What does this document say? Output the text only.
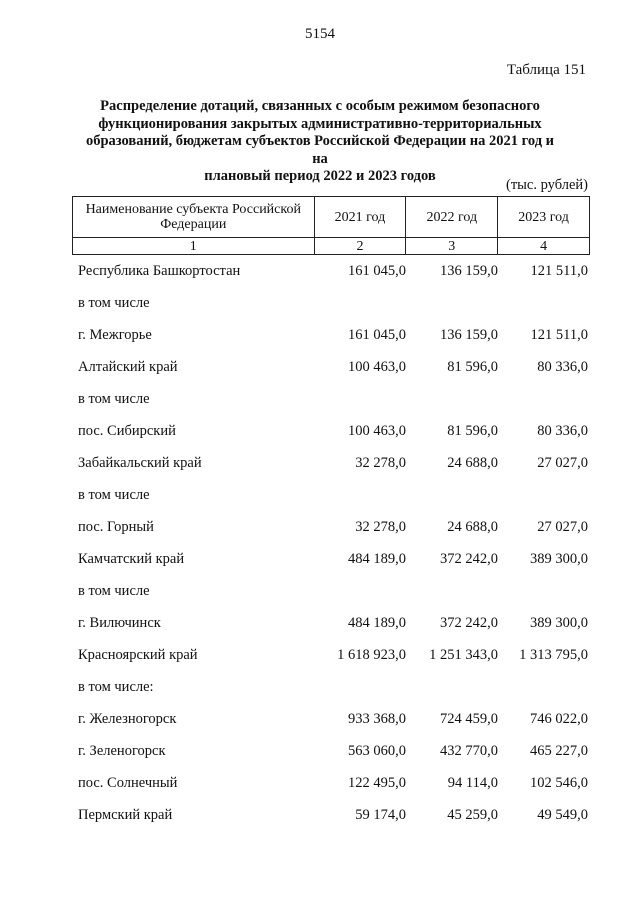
5154
Таблица 151
Распределение дотаций, связанных с особым режимом безопасного
функционирования закрытых административно-территориальных
образований, бюджетам субъектов Российской Федерации на 2021 год и на
плановый период 2022 и 2023 годов
(тыс. рублей)
Наименование субъекта Российской Федерации	2021 год	2022 год	2023 год
1	2	3	4
Республика Башкортостан	161 045,0	136 159,0	121 511,0
в том числе
г. Межгорье	161 045,0	136 159,0	121 511,0
Алтайский край	100 463,0	81 596,0	80 336,0
в том числе
пос. Сибирский	100 463,0	81 596,0	80 336,0
Забайкальский край	32 278,0	24 688,0	27 027,0
в том числе
пос. Горный	32 278,0	24 688,0	27 027,0
Камчатский край	484 189,0	372 242,0	389 300,0
в том числе
г. Вилючинск	484 189,0	372 242,0	389 300,0
Красноярский край	1 618 923,0	1 251 343,0	1 313 795,0
в том числе:
г. Железногорск	933 368,0	724 459,0	746 022,0
г. Зеленогорск	563 060,0	432 770,0	465 227,0
пос. Солнечный	122 495,0	94 114,0	102 546,0
Пермский край	59 174,0	45 259,0	49 549,0
